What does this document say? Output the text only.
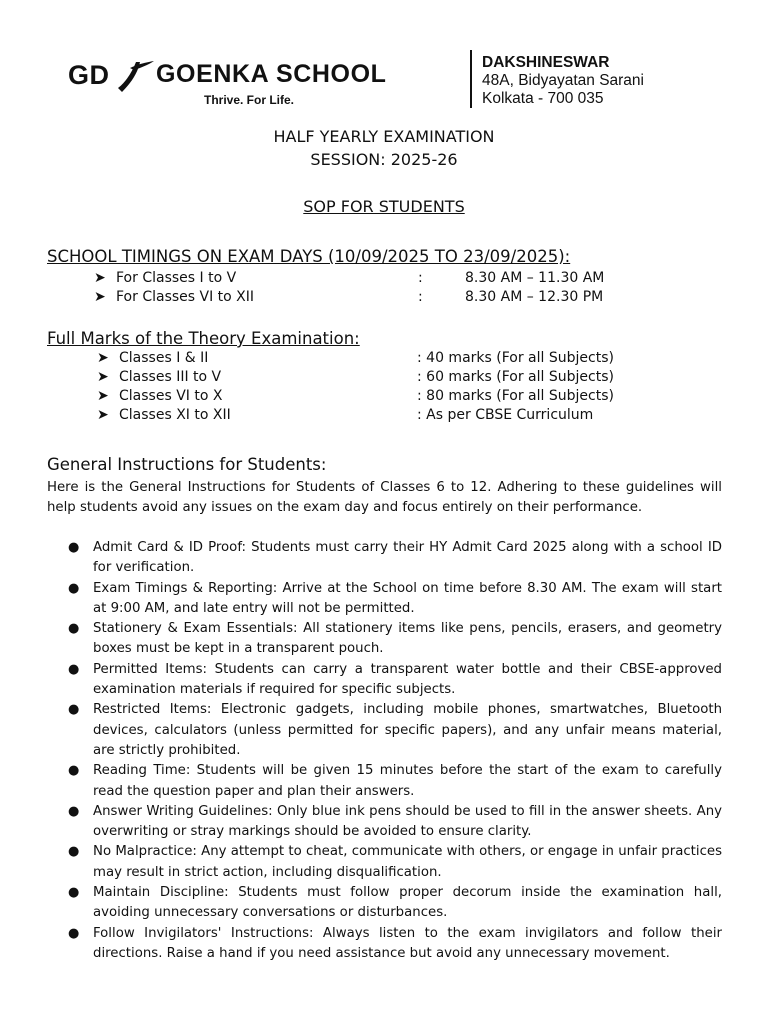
GD GOENKA SCHOOL
Thrive. For Life.
DAKSHINESWAR
48A, Bidyayatan Sarani
Kolkata - 700 035
HALF YEARLY EXAMINATION
SESSION: 2025-26
SOP FOR STUDENTS
SCHOOL TIMINGS ON EXAM DAYS (10/09/2025 TO 23/09/2025):
➤ For Classes I to V	:	8.30 AM – 11.30 AM
➤ For Classes VI to XII	:	8.30 AM – 12.30 PM
Full Marks of the Theory Examination:
➤ Classes I & II	: 40 marks (For all Subjects)
➤ Classes III to V	: 60 marks (For all Subjects)
➤ Classes VI to X	: 80 marks (For all Subjects)
➤ Classes XI to XII	: As per CBSE Curriculum
General Instructions for Students:
Here is the General Instructions for Students of Classes 6 to 12. Adhering to these guidelines will help students avoid any issues on the exam day and focus entirely on their performance.
● Admit Card & ID Proof: Students must carry their HY Admit Card 2025 along with a school ID for verification.
● Exam Timings & Reporting: Arrive at the School on time before 8.30 AM. The exam will start at 9:00 AM, and late entry will not be permitted.
● Stationery & Exam Essentials: All stationery items like pens, pencils, erasers, and geometry boxes must be kept in a transparent pouch.
● Permitted Items: Students can carry a transparent water bottle and their CBSE-approved examination materials if required for specific subjects.
● Restricted Items: Electronic gadgets, including mobile phones, smartwatches, Bluetooth devices, calculators (unless permitted for specific papers), and any unfair means material, are strictly prohibited.
● Reading Time: Students will be given 15 minutes before the start of the exam to carefully read the question paper and plan their answers.
● Answer Writing Guidelines: Only blue ink pens should be used to fill in the answer sheets. Any overwriting or stray markings should be avoided to ensure clarity.
● No Malpractice: Any attempt to cheat, communicate with others, or engage in unfair practices may result in strict action, including disqualification.
● Maintain Discipline: Students must follow proper decorum inside the examination hall, avoiding unnecessary conversations or disturbances.
● Follow Invigilators' Instructions: Always listen to the exam invigilators and follow their directions. Raise a hand if you need assistance but avoid any unnecessary movement.
